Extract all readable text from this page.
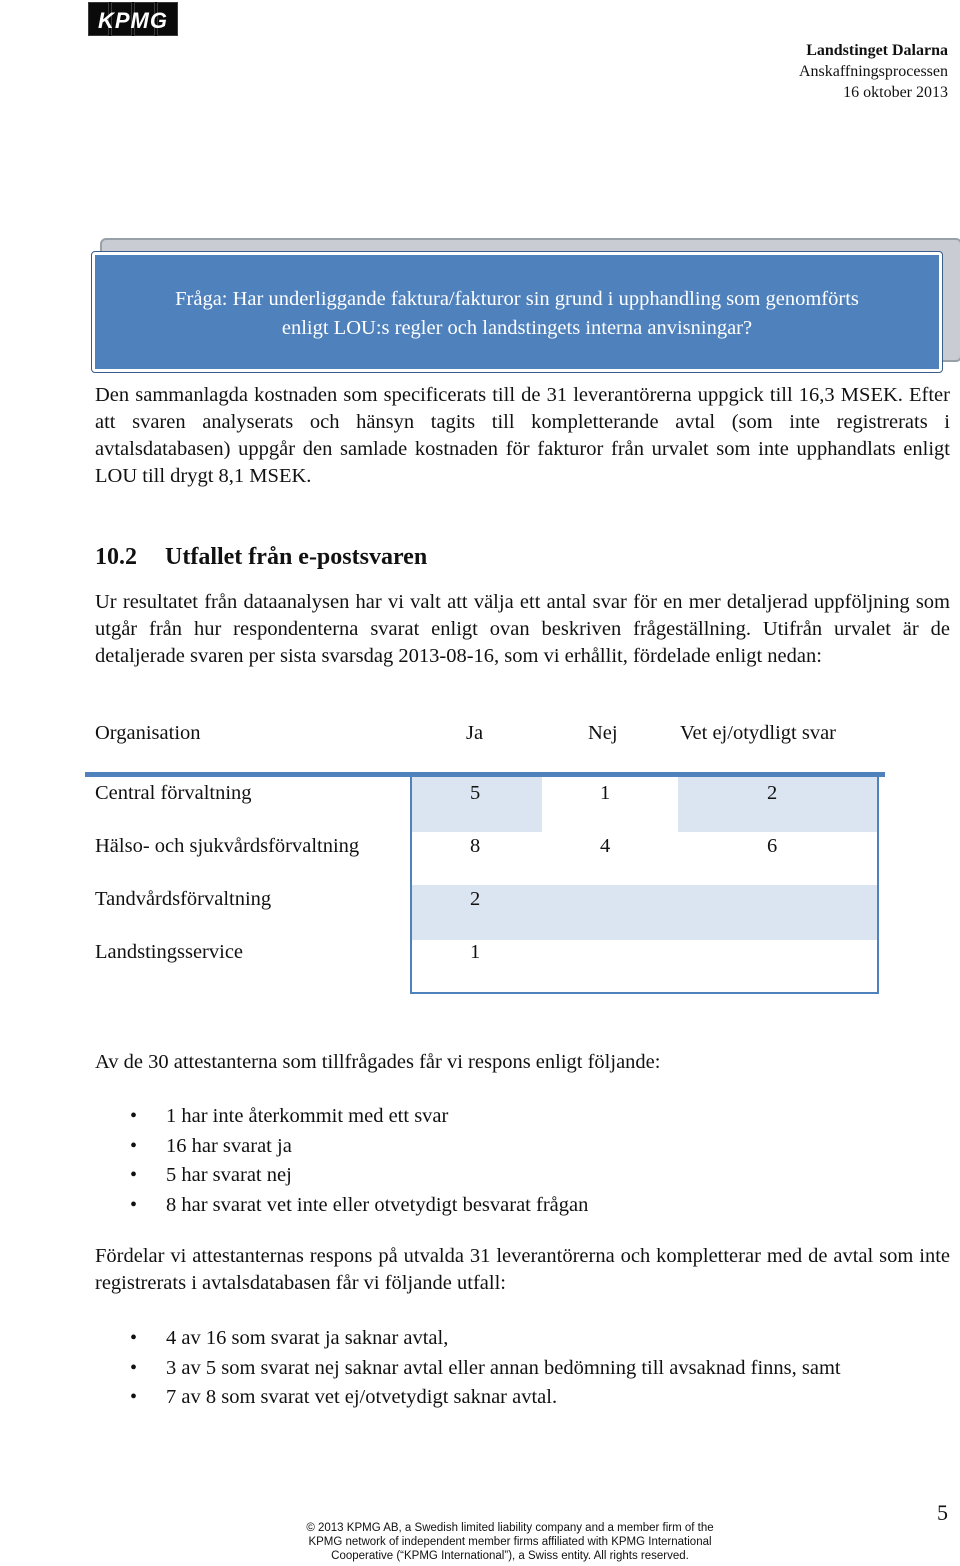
KPMG
Landstinget Dalarna
Anskaffningsprocessen
16 oktober 2013
Fråga: Har underliggande faktura/fakturor sin grund i upphandling som genomförts
enligt LOU:s regler och landstingets interna anvisningar?
Den sammanlagda kostnaden som specificerats till de 31 leverantörerna uppgick till 16,3 MSEK. Efter att svaren analyserats och hänsyn tagits till kompletterande avtal (som inte registrerats i avtalsdatabasen) uppgår den samlade kostnaden för fakturor från urvalet som inte upphandlats enligt LOU till drygt 8,1 MSEK.
10.2 Utfallet från e-postsvaren
Ur resultatet från dataanalysen har vi valt att välja ett antal svar för en mer detaljerad uppföljning som utgår från hur respondenterna svarat enligt ovan beskriven frågeställning. Utifrån urvalet är de detaljerade svaren per sista svarsdag 2013-08-16, som vi erhållit, fördelade enligt nedan:
Organisation	Ja	Nej	Vet ej/otydligt svar
Central förvaltning	5	1	2
Hälso- och sjukvårdsförvaltning	8	4	6
Tandvårdsförvaltning	2
Landstingsservice	1
Av de 30 attestanterna som tillfrågades får vi respons enligt följande:
• 1 har inte återkommit med ett svar
• 16 har svarat ja
• 5 har svarat nej
• 8 har svarat vet inte eller otvetydigt besvarat frågan
Fördelar vi attestanternas respons på utvalda 31 leverantörerna och kompletterar med de avtal som inte registrerats i avtalsdatabasen får vi följande utfall:
• 4 av 16 som svarat ja saknar avtal,
• 3 av 5 som svarat nej saknar avtal eller annan bedömning till avsaknad finns, samt
• 7 av 8 som svarat vet ej/otvetydigt saknar avtal.
© 2013 KPMG AB, a Swedish limited liability company and a member firm of the
KPMG network of independent member firms affiliated with KPMG International
Cooperative (“KPMG International”), a Swiss entity. All rights reserved.
5
